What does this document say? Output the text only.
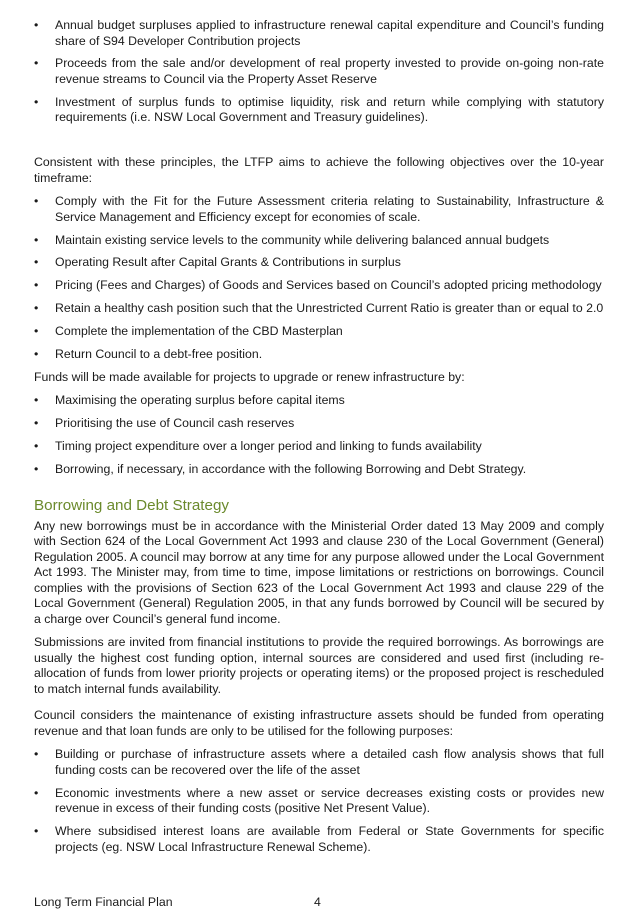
• Annual budget surpluses applied to infrastructure renewal capital expenditure and Council’s funding share of S94 Developer Contribution projects
• Proceeds from the sale and/or development of real property invested to provide on-going non-rate revenue streams to Council via the Property Asset Reserve
• Investment of surplus funds to optimise liquidity, risk and return while complying with statutory requirements (i.e. NSW Local Government and Treasury guidelines).

Consistent with these principles, the LTFP aims to achieve the following objectives over the 10-year timeframe:

• Comply with the Fit for the Future Assessment criteria relating to Sustainability, Infrastructure & Service Management and Efficiency except for economies of scale.
• Maintain existing service levels to the community while delivering balanced annual budgets
• Operating Result after Capital Grants & Contributions in surplus
• Pricing (Fees and Charges) of Goods and Services based on Council’s adopted pricing methodology
• Retain a healthy cash position such that the Unrestricted Current Ratio is greater than or equal to 2.0
• Complete the implementation of the CBD Masterplan
• Return Council to a debt-free position.

Funds will be made available for projects to upgrade or renew infrastructure by:

• Maximising the operating surplus before capital items
• Prioritising the use of Council cash reserves
• Timing project expenditure over a longer period and linking to funds availability
• Borrowing, if necessary, in accordance with the following Borrowing and Debt Strategy.
Borrowing and Debt Strategy

Any new borrowings must be in accordance with the Ministerial Order dated 13 May 2009 and comply with Section 624 of the Local Government Act 1993 and clause 230 of the Local Government (General) Regulation 2005. A council may borrow at any time for any purpose allowed under the Local Government Act 1993. The Minister may, from time to time, impose limitations or restrictions on borrowings. Council complies with the provisions of Section 623 of the Local Government Act 1993 and clause 229 of the Local Government (General) Regulation 2005, in that any funds borrowed by Council will be secured by a charge over Council’s general fund income.

Submissions are invited from financial institutions to provide the required borrowings. As borrowings are usually the highest cost funding option, internal sources are considered and used first (including re-allocation of funds from lower priority projects or operating items) or the proposed project is rescheduled to match internal funds availability.

Council considers the maintenance of existing infrastructure assets should be funded from operating revenue and that loan funds are only to be utilised for the following purposes:

• Building or purchase of infrastructure assets where a detailed cash flow analysis shows that full funding costs can be recovered over the life of the asset
• Economic investments where a new asset or service decreases existing costs or provides new revenue in excess of their funding costs (positive Net Present Value).
• Where subsidised interest loans are available from Federal or State Governments for specific projects (eg. NSW Local Infrastructure Renewal Scheme).
Long Term Financial Plan	4
